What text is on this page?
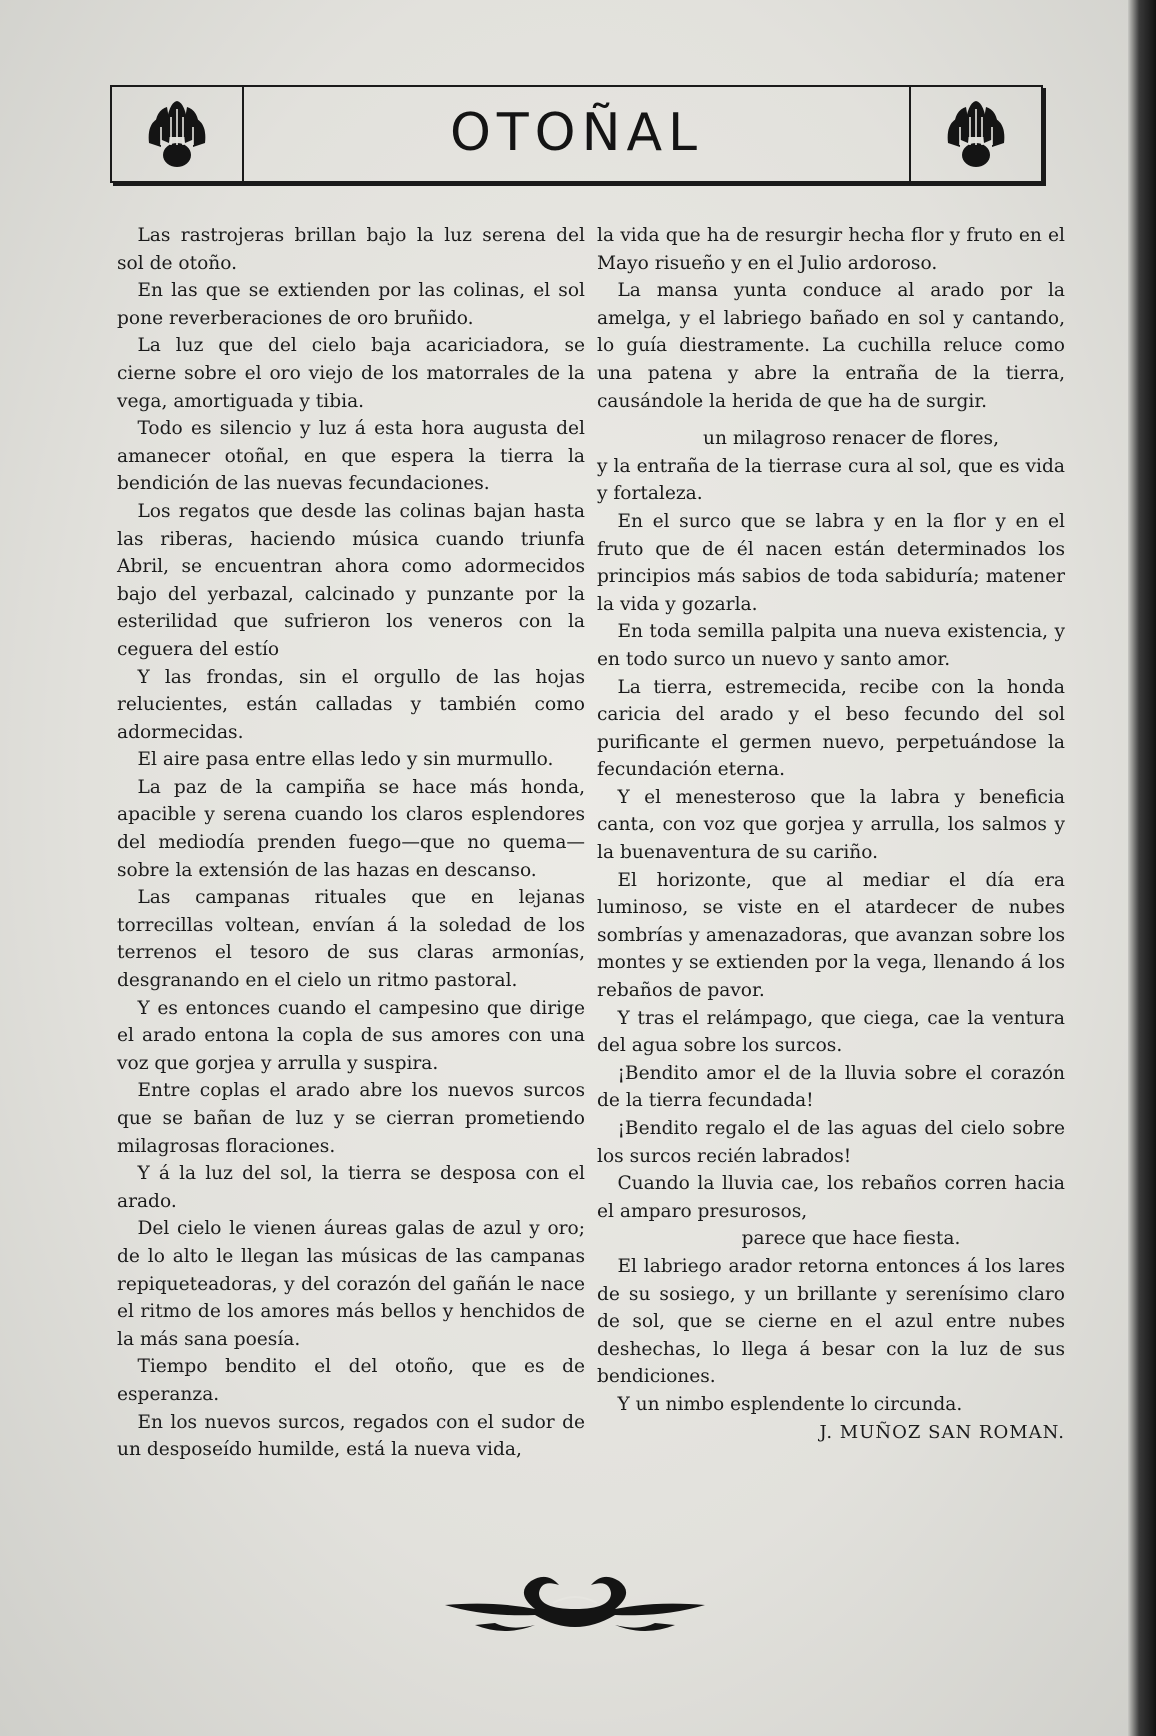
OTOÑAL

Las rastrojeras brillan bajo la luz serena del sol de otoño.

En las que se extienden por las colinas, el sol pone reverberaciones de oro bruñido.

La luz que del cielo baja acariciadora, se cierne sobre el oro viejo de los matorrales de la vega, amortiguada y tibia.

Todo es silencio y luz á esta hora augusta del amanecer otoñal, en que espera la tierra la bendición de las nuevas fecundaciones.

Los regatos que desde las colinas bajan hasta las riberas, haciendo música cuando triunfa Abril, se encuentran ahora como adormecidos bajo del yerbazal, calcinado y punzante por la esterilidad que sufrieron los veneros con la ceguera del estío

Y las frondas, sin el orgullo de las hojas relucientes, están calladas y también como adormecidas.

El aire pasa entre ellas ledo y sin murmullo.

La paz de la campiña se hace más honda, apacible y serena cuando los claros esplendores del mediodía prenden fuego—que no quema—sobre la extensión de las hazas en descanso.

Las campanas rituales que en lejanas torrecillas voltean, envían á la soledad de los terrenos el tesoro de sus claras armonías, desgranando en el cielo un ritmo pastoral.

Y es entonces cuando el campesino que dirige el arado entona la copla de sus amores con una voz que gorjea y arrulla y suspira.

Entre coplas el arado abre los nuevos surcos que se bañan de luz y se cierran prometiendo milagrosas floraciones.

Y á la luz del sol, la tierra se desposa con el arado.

Del cielo le vienen áureas galas de azul y oro; de lo alto le llegan las músicas de las campanas repiqueteadoras, y del corazón del gañán le nace el ritmo de los amores más bellos y henchidos de la más sana poesía.

Tiempo bendito el del otoño, que es de esperanza.

En los nuevos surcos, regados con el sudor de un desposeído humilde, está la nueva vida,

la vida que ha de resurgir hecha flor y fruto en el Mayo risueño y en el Julio ardoroso.

La mansa yunta conduce al arado por la amelga, y el labriego bañado en sol y cantando, lo guía diestramente. La cuchilla reluce como una patena y abre la entraña de la tierra, causándole la herida de que ha de surgir.

un milagroso renacer de flores,

y la entraña de la tierrase cura al sol, que es vida y fortaleza.

En el surco que se labra y en la flor y en el fruto que de él nacen están determinados los principios más sabios de toda sabiduría; matener la vida y gozarla.

En toda semilla palpita una nueva existencia, y en todo surco un nuevo y santo amor.

La tierra, estremecida, recibe con la honda caricia del arado y el beso fecundo del sol purificante el germen nuevo, perpetuándose la fecundación eterna.

Y el menesteroso que la labra y beneficia canta, con voz que gorjea y arrulla, los salmos y la buenaventura de su cariño.

El horizonte, que al mediar el día era luminoso, se viste en el atardecer de nubes sombrías y amenazadoras, que avanzan sobre los montes y se extienden por la vega, llenando á los rebaños de pavor.

Y tras el relámpago, que ciega, cae la ventura del agua sobre los surcos.

¡Bendito amor el de la lluvia sobre el corazón de la tierra fecundada!

¡Bendito regalo el de las aguas del cielo sobre los surcos recién labrados!

Cuando la lluvia cae, los rebaños corren hacia el amparo presurosos,

parece que hace fiesta.

El labriego arador retorna entonces á los lares de su sosiego, y un brillante y serenísimo claro de sol, que se cierne en el azul entre nubes deshechas, lo llega á besar con la luz de sus bendiciones.

Y un nimbo esplendente lo circunda.

J. MUÑOZ SAN ROMAN.
